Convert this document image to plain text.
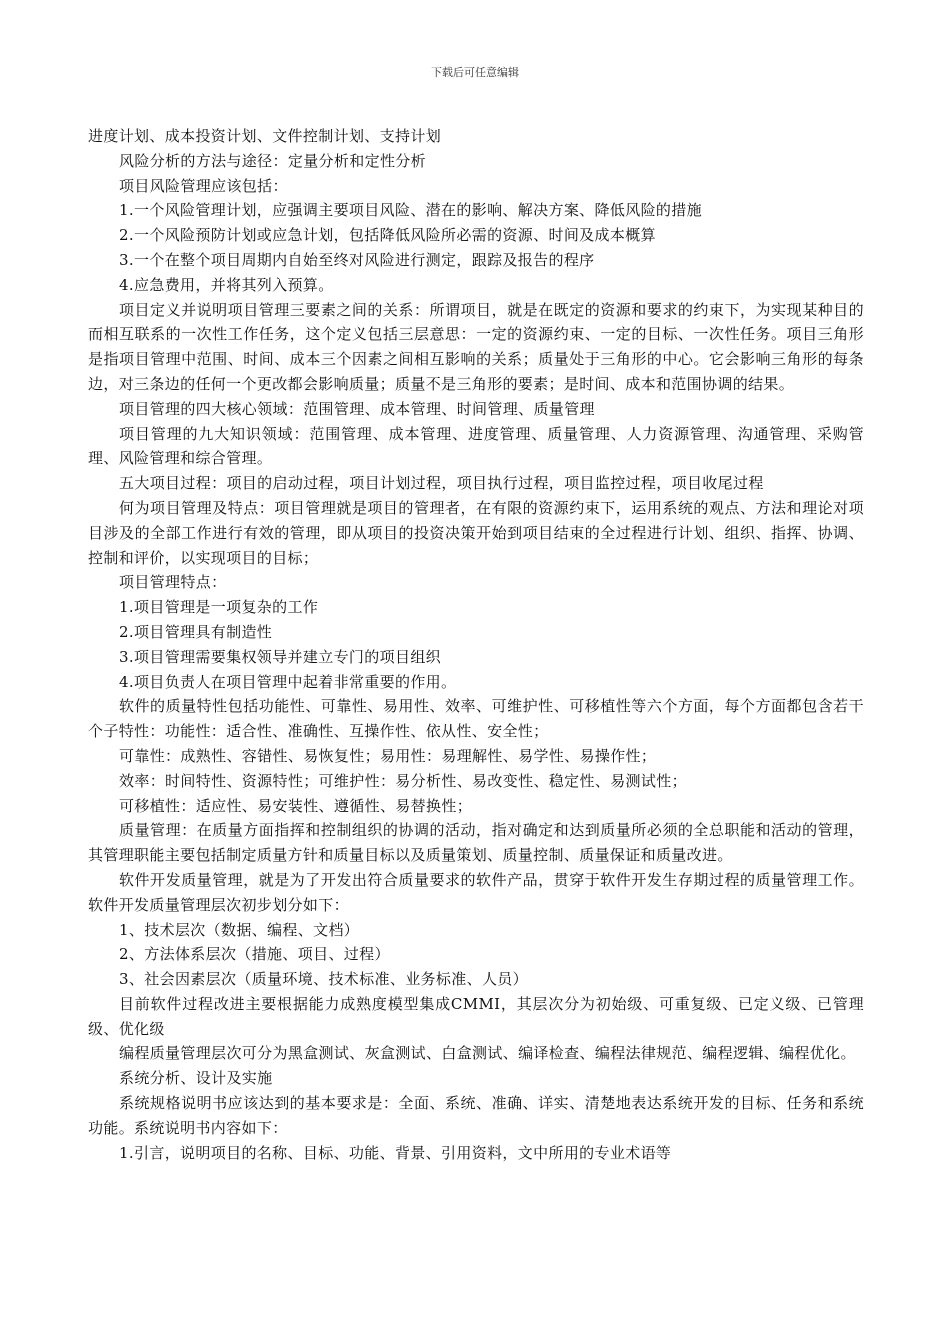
下载后可任意编辑

进度计划、成本投资计划、文件控制计划、支持计划

风险分析的方法与途径：定量分析和定性分析

项目风险管理应该包括：

1.一个风险管理计划，应强调主要项目风险、潜在的影响、解决方案、降低风险的措施

2.一个风险预防计划或应急计划，包括降低风险所必需的资源、时间及成本概算

3.一个在整个项目周期内自始至终对风险进行测定，跟踪及报告的程序

4.应急费用，并将其列入预算。

项目定义并说明项目管理三要素之间的关系：所谓项目，就是在既定的资源和要求的约束下，为实现某种目的而相互联系的一次性工作任务，这个定义包括三层意思：一定的资源约束、一定的目标、一次性任务。项目三角形是指项目管理中范围、时间、成本三个因素之间相互影响的关系；质量处于三角形的中心。它会影响三角形的每条边，对三条边的任何一个更改都会影响质量；质量不是三角形的要素；是时间、成本和范围协调的结果。

项目管理的四大核心领域：范围管理、成本管理、时间管理、质量管理

项目管理的九大知识领域：范围管理、成本管理、进度管理、质量管理、人力资源管理、沟通管理、采购管理、风险管理和综合管理。

五大项目过程：项目的启动过程，项目计划过程，项目执行过程，项目监控过程，项目收尾过程

何为项目管理及特点：项目管理就是项目的管理者，在有限的资源约束下，运用系统的观点、方法和理论对项目涉及的全部工作进行有效的管理，即从项目的投资决策开始到项目结束的全过程进行计划、组织、指挥、协调、控制和评价，以实现项目的目标；

项目管理特点：

1.项目管理是一项复杂的工作

2.项目管理具有制造性

3.项目管理需要集权领导并建立专门的项目组织

4.项目负责人在项目管理中起着非常重要的作用。

软件的质量特性包括功能性、可靠性、易用性、效率、可维护性、可移植性等六个方面，每个方面都包含若干个子特性：功能性：适合性、准确性、互操作性、依从性、安全性；

可靠性：成熟性、容错性、易恢复性；易用性：易理解性、易学性、易操作性；

效率：时间特性、资源特性；可维护性：易分析性、易改变性、稳定性、易测试性；

可移植性：适应性、易安装性、遵循性、易替换性；

质量管理：在质量方面指挥和控制组织的协调的活动，指对确定和达到质量所必须的全总职能和活动的管理，其管理职能主要包括制定质量方针和质量目标以及质量策划、质量控制、质量保证和质量改进。

软件开发质量管理，就是为了开发出符合质量要求的软件产品，贯穿于软件开发生存期过程的质量管理工作。软件开发质量管理层次初步划分如下：

1、技术层次（数据、编程、文档）

2、方法体系层次（措施、项目、过程）

3、社会因素层次（质量环境、技术标准、业务标准、人员）

目前软件过程改进主要根据能力成熟度模型集成CMMI，其层次分为初始级、可重复级、已定义级、已管理级、优化级

编程质量管理层次可分为黑盒测试、灰盒测试、白盒测试、编译检查、编程法律规范、编程逻辑、编程优化。

系统分析、设计及实施

系统规格说明书应该达到的基本要求是：全面、系统、准确、详实、清楚地表达系统开发的目标、任务和系统功能。系统说明书内容如下：

1.引言，说明项目的名称、目标、功能、背景、引用资料，文中所用的专业术语等
